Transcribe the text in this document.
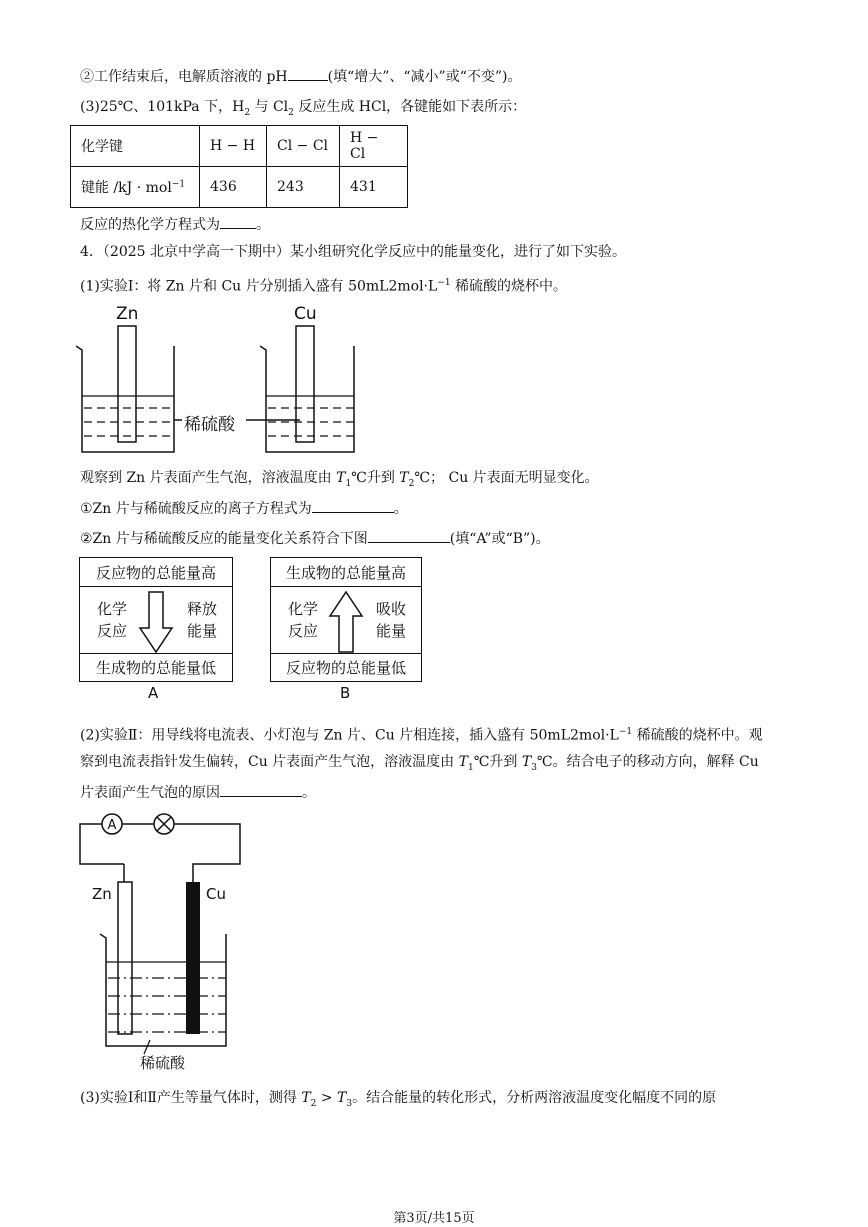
②工作结束后，电解质溶液的 pH	(填“增大”、“减小”或“不变”)。
(3)25℃、101kPa 下，$H_2$ 与 $Cl_2$ 反应生成 HCl，各键能如下表所示：
化学键	H − H	Cl − Cl	H − Cl
键能 /kJ · mol$^{-1}$	436	243	431
反应的热化学方程式为	。
4．（2025 北京中学高一下期中）某小组研究化学反应中的能量变化，进行了如下实验。
(1)实验Ⅰ：将 Zn 片和 Cu 片分别插入盛有 $50mL2mol\cdot L^{-1}$ 稀硫酸的烧杯中。
Zn	Cu
稀硫酸
观察到 Zn 片表面产生气泡，溶液温度由 $T_1℃$升到 $T_2℃$； Cu 片表面无明显变化。
①Zn 片与稀硫酸反应的离子方程式为	。
②Zn 片与稀硫酸反应的能量变化关系符合下图	(填“A”或“B”)。
反应物的总能量高
化学
反应
释放
能量
生成物的总能量低
A
生成物的总能量高
化学
反应
吸收
能量
反应物的总能量低
B
(2)实验Ⅱ：用导线将电流表、小灯泡与 Zn 片、Cu 片相连接，插入盛有 $50mL2mol\cdot L^{-1}$ 稀硫酸的烧杯中。观
察到电流表指针发生偏转，Cu 片表面产生气泡，溶液温度由 $T_1℃$升到 $T_3℃$。结合电子的移动方向，解释 Cu
片表面产生气泡的原因	。
A
Zn	Cu
稀硫酸
(3)实验Ⅰ和Ⅱ产生等量气体时，测得 $T_2 > T_3$。结合能量的转化形式，分析两溶液温度变化幅度不同的原
第3页/共15页
